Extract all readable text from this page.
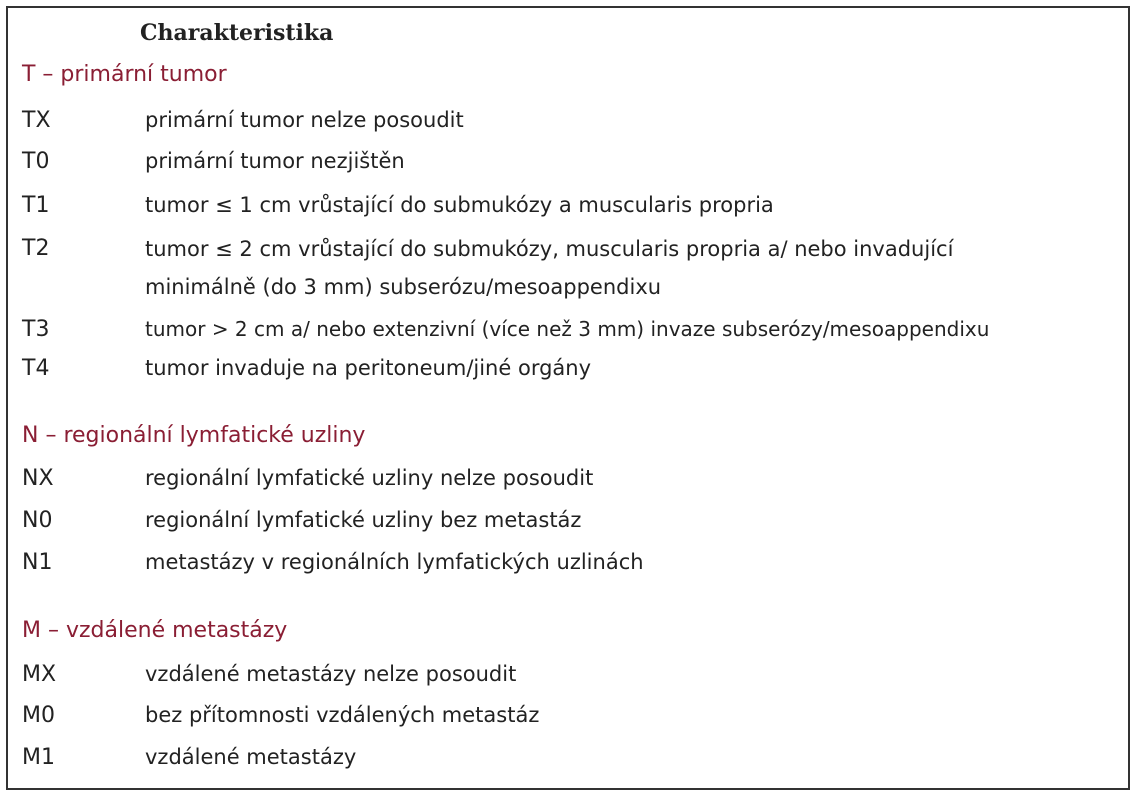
Charakteristika
T – primární tumor
TX	primární tumor nelze posoudit
T0	primární tumor nezjištěn
T1	tumor ≤ 1 cm vrůstající do submukózy a muscularis propria
T2	tumor ≤ 2 cm vrůstající do submukózy, muscularis propria a/ nebo invadující
minimálně (do 3 mm) subserózu/mesoappendixu
T3	tumor > 2 cm a/ nebo extenzivní (více než 3 mm) invaze subserózy/mesoappendixu
T4	tumor invaduje na peritoneum/jiné orgány
N – regionální lymfatické uzliny
NX	regionální lymfatické uzliny nelze posoudit
N0	regionální lymfatické uzliny bez metastáz
N1	metastázy v regionálních lymfatických uzlinách
M – vzdálené metastázy
MX	vzdálené metastázy nelze posoudit
M0	bez přítomnosti vzdálených metastáz
M1	vzdálené metastázy
